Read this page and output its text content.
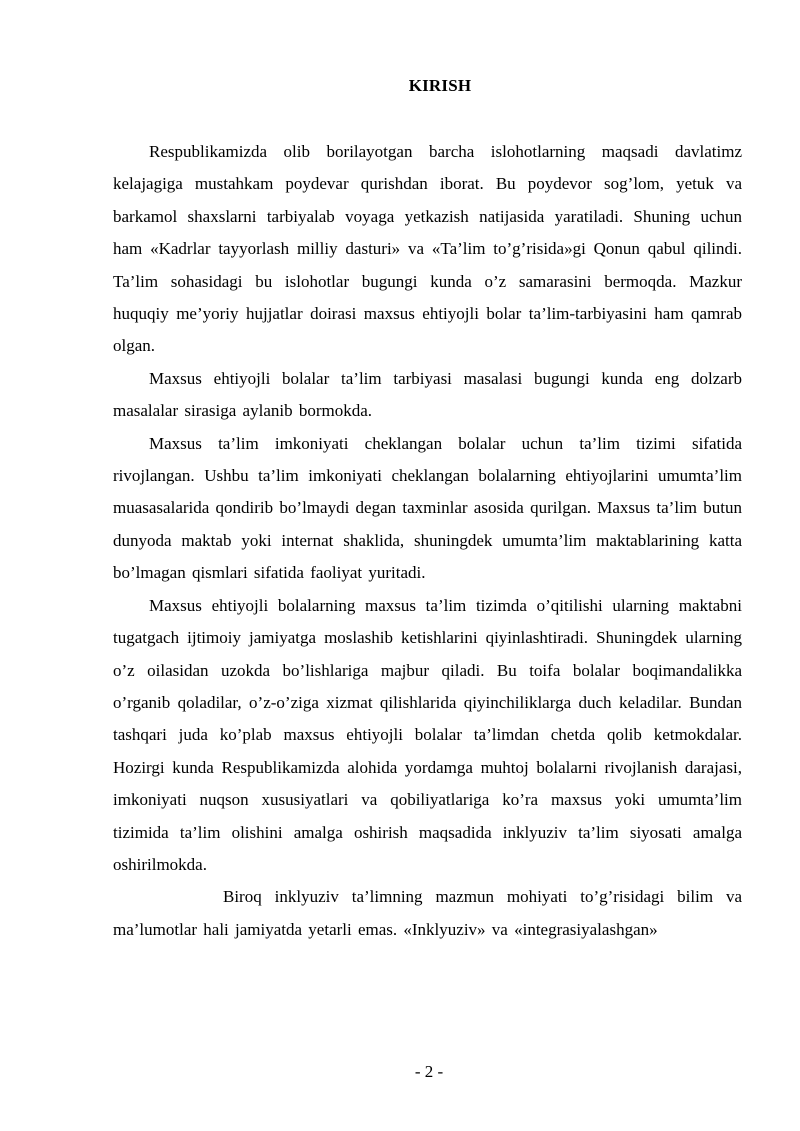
KIRISH

Respublikamizda olib borilayotgan barcha islohotlarning maqsadi davlatimz kelajagiga mustahkam poydevar qurishdan iborat. Bu poydevor sog’lom, yetuk va barkamol shaxslarni tarbiyalab voyaga yetkazish natijasida yaratiladi. Shuning uchun ham «Kadrlar tayyorlash milliy dasturi» va «Ta’lim to’g’risida»gi Qonun qabul qilindi. Ta’lim sohasidagi bu islohotlar bugungi kunda o’z samarasini bermoqda. Mazkur huquqiy me’yoriy hujjatlar doirasi maxsus ehtiyojli bolar ta’lim-tarbiyasini ham qamrab olgan.

Maxsus ehtiyojli bolalar ta’lim tarbiyasi masalasi bugungi kunda eng dolzarb masalalar sirasiga aylanib bormokda.

Maxsus ta’lim imkoniyati cheklangan bolalar uchun ta’lim tizimi sifatida rivojlangan. Ushbu ta’lim imkoniyati cheklangan bolalarning ehtiyojlarini umumta’lim muasasalarida qondirib bo’lmaydi degan taxminlar asosida qurilgan. Maxsus ta’lim butun dunyoda maktab yoki internat shaklida, shuningdek umumta’lim maktablarining katta bo’lmagan qismlari sifatida faoliyat yuritadi.

Maxsus ehtiyojli bolalarning maxsus ta’lim tizimda o’qitilishi ularning maktabni tugatgach ijtimoiy jamiyatga moslashib ketishlarini qiyinlashtiradi. Shuningdek ularning o’z oilasidan uzokda bo’lishlariga majbur qiladi. Bu toifa bolalar boqimandalikka o’rganib qoladilar, o’z-o’ziga xizmat qilishlarida qiyinchiliklarga duch keladilar. Bundan tashqari juda ko’plab maxsus ehtiyojli bolalar ta’limdan chetda qolib ketmokdalar. Hozirgi kunda Respublikamizda alohida yordamga muhtoj bolalarni rivojlanish darajasi, imkoniyati nuqson xususiyatlari va qobiliyatlariga ko’ra maxsus yoki umumta’lim tizimida ta’lim olishini amalga oshirish maqsadida inklyuziv ta’lim siyosati amalga oshirilmokda.

Biroq inklyuziv ta’limning mazmun mohiyati to’g’risidagi bilim va ma’lumotlar hali jamiyatda yetarli emas. «Inklyuziv» va «integrasiyalashgan»

- 2 -
